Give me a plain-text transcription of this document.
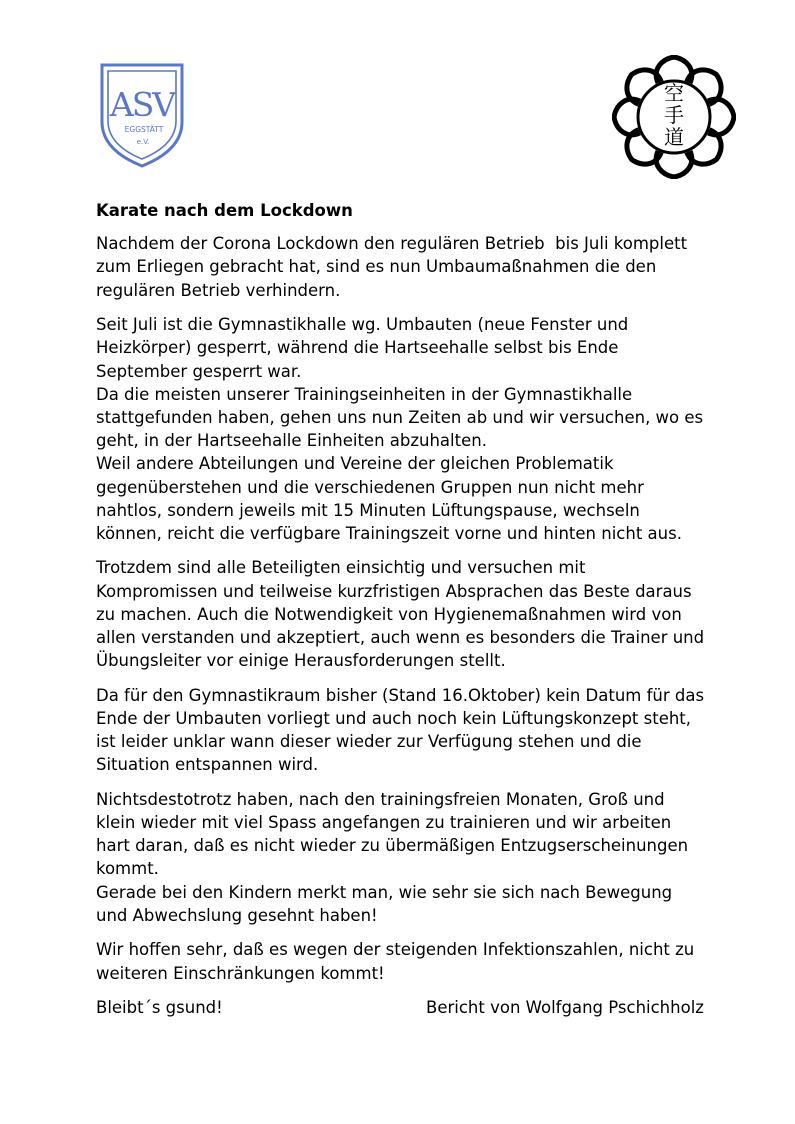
ASV
EGGSTÄTT
e.V.
空
手
道
Karate nach dem Lockdown
Nachdem der Corona Lockdown den regulären Betrieb  bis Juli komplett
zum Erliegen gebracht hat, sind es nun Umbaumaßnahmen die den
regulären Betrieb verhindern.
Seit Juli ist die Gymnastikhalle wg. Umbauten (neue Fenster und
Heizkörper) gesperrt, während die Hartseehalle selbst bis Ende
September gesperrt war.
Da die meisten unserer Trainingseinheiten in der Gymnastikhalle
stattgefunden haben, gehen uns nun Zeiten ab und wir versuchen, wo es
geht, in der Hartseehalle Einheiten abzuhalten.
Weil andere Abteilungen und Vereine der gleichen Problematik
gegenüberstehen und die verschiedenen Gruppen nun nicht mehr
nahtlos, sondern jeweils mit 15 Minuten Lüftungspause, wechseln
können, reicht die verfügbare Trainingszeit vorne und hinten nicht aus.
Trotzdem sind alle Beteiligten einsichtig und versuchen mit
Kompromissen und teilweise kurzfristigen Absprachen das Beste daraus
zu machen. Auch die Notwendigkeit von Hygienemaßnahmen wird von
allen verstanden und akzeptiert, auch wenn es besonders die Trainer und
Übungsleiter vor einige Herausforderungen stellt.
Da für den Gymnastikraum bisher (Stand 16.Oktober) kein Datum für das
Ende der Umbauten vorliegt und auch noch kein Lüftungskonzept steht,
ist leider unklar wann dieser wieder zur Verfügung stehen und die
Situation entspannen wird.
Nichtsdestotrotz haben, nach den trainingsfreien Monaten, Groß und
klein wieder mit viel Spass angefangen zu trainieren und wir arbeiten
hart daran, daß es nicht wieder zu übermäßigen Entzugserscheinungen
kommt.
Gerade bei den Kindern merkt man, wie sehr sie sich nach Bewegung
und Abwechslung gesehnt haben!
Wir hoffen sehr, daß es wegen der steigenden Infektionszahlen, nicht zu
weiteren Einschränkungen kommt!

Bleibt´s gsund!

	Bericht von Wolfgang Pschichholz
